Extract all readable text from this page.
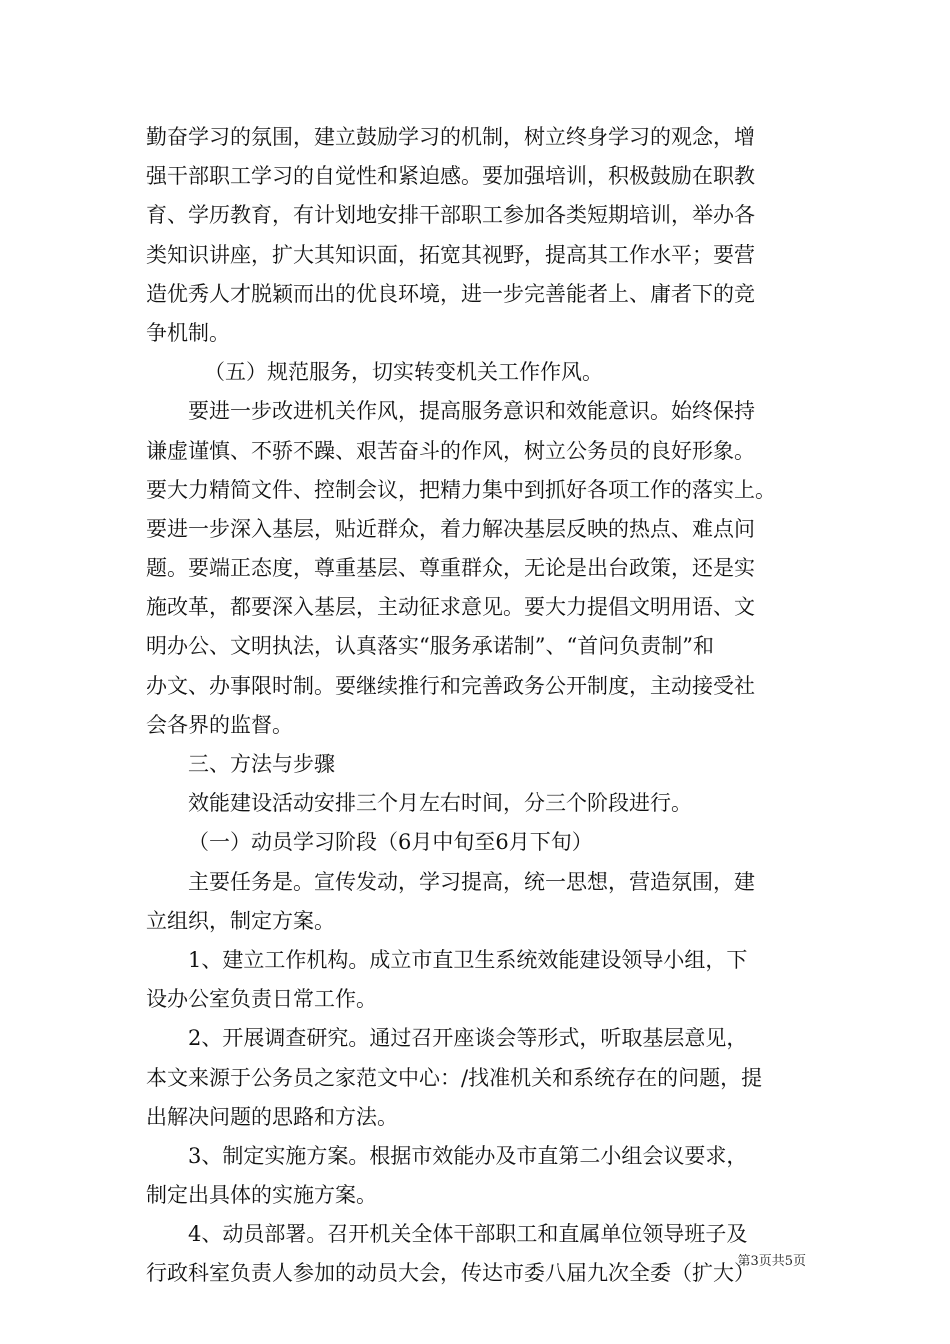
勤奋学习的氛围，建立鼓励学习的机制，树立终身学习的观念，增
强干部职工学习的自觉性和紧迫感。要加强培训，积极鼓励在职教
育、学历教育，有计划地安排干部职工参加各类短期培训，举办各
类知识讲座，扩大其知识面，拓宽其视野，提高其工作水平；要营
造优秀人才脱颖而出的优良环境，进一步完善能者上、庸者下的竞
争机制。
（五）规范服务，切实转变机关工作作风。
要进一步改进机关作风，提高服务意识和效能意识。始终保持
谦虚谨慎、不骄不躁、艰苦奋斗的作风，树立公务员的良好形象。
要大力精简文件、控制会议，把精力集中到抓好各项工作的落实上。
要进一步深入基层，贴近群众，着力解决基层反映的热点、难点问
题。要端正态度，尊重基层、尊重群众，无论是出台政策，还是实
施改革，都要深入基层，主动征求意见。要大力提倡文明用语、文
明办公、文明执法，认真落实“服务承诺制”、“首问负责制”和
办文、办事限时制。要继续推行和完善政务公开制度，主动接受社
会各界的监督。
三、方法与步骤
效能建设活动安排三个月左右时间，分三个阶段进行。
（一）动员学习阶段（6月中旬至6月下旬）
主要任务是。宣传发动，学习提高，统一思想，营造氛围，建
立组织，制定方案。
1、建立工作机构。成立市直卫生系统效能建设领导小组，下
设办公室负责日常工作。
2、开展调查研究。通过召开座谈会等形式，听取基层意见，
本文来源于公务员之家范文中心：/找准机关和系统存在的问题，提
出解决问题的思路和方法。
3、制定实施方案。根据市效能办及市直第二小组会议要求，
制定出具体的实施方案。
4、动员部署。召开机关全体干部职工和直属单位领导班子及
行政科室负责人参加的动员大会，传达市委八届九次全委（扩大）
第3页共5页
